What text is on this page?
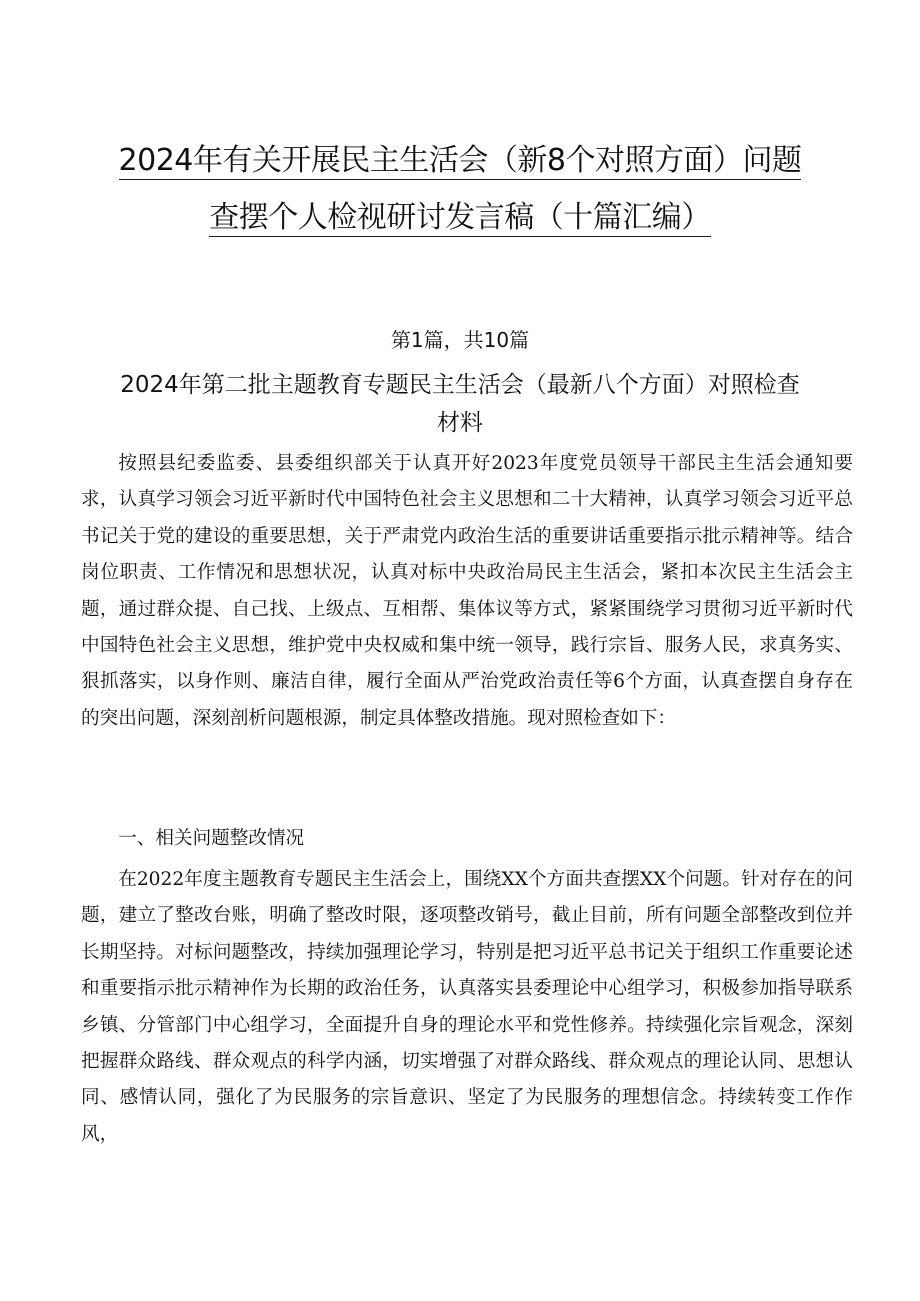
2024年有关开展民主生活会（新8个对照方面）问题
查摆个人检视研讨发言稿（十篇汇编）
第1篇，共10篇
2024年第二批主题教育专题民主生活会（最新八个方面）对照检查材料

按照县纪委监委、县委组织部关于认真开好2023年度党员领导干部民主生活会通知要求，认真学习领会习近平新时代中国特色社会主义思想和二十大精神，认真学习领会习近平总书记关于党的建设的重要思想，关于严肃党内政治生活的重要讲话重要指示批示精神等。结合岗位职责、工作情况和思想状况，认真对标中央政治局民主生活会，紧扣本次民主生活会主题，通过群众提、自己找、上级点、互相帮、集体议等方式，紧紧围绕学习贯彻习近平新时代中国特色社会主义思想，维护党中央权威和集中统一领导，践行宗旨、服务人民，求真务实、狠抓落实，以身作则、廉洁自律，履行全面从严治党政治责任等6个方面，认真查摆自身存在的突出问题，深刻剖析问题根源，制定具体整改措施。现对照检查如下：

一、相关问题整改情况

在2022年度主题教育专题民主生活会上，围绕XX个方面共查摆XX个问题。针对存在的问题，建立了整改台账，明确了整改时限，逐项整改销号，截止目前，所有问题全部整改到位并长期坚持。对标问题整改，持续加强理论学习，特别是把习近平总书记关于组织工作重要论述和重要指示批示精神作为长期的政治任务，认真落实县委理论中心组学习，积极参加指导联系乡镇、分管部门中心组学习，全面提升自身的理论水平和党性修养。持续强化宗旨观念，深刻把握群众路线、群众观点的科学内涵，切实增强了对群众路线、群众观点的理论认同、思想认同、感情认同，强化了为民服务的宗旨意识、坚定了为民服务的理想信念。持续转变工作作风，
